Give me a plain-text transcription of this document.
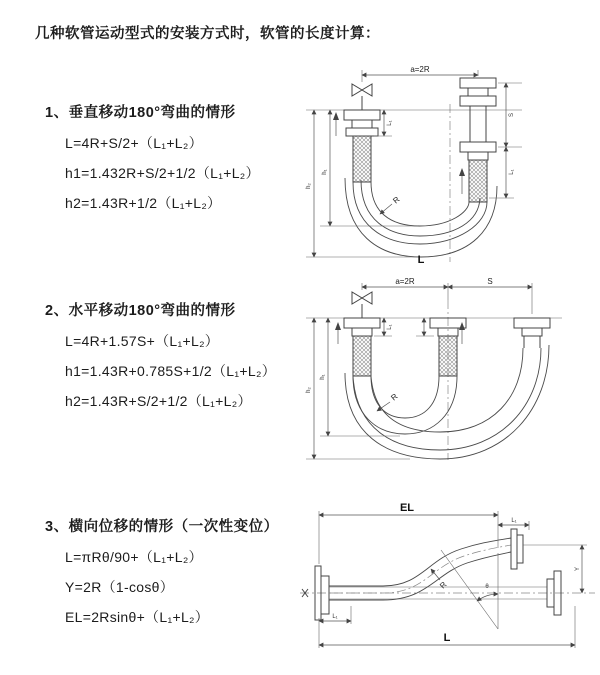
几种软管运动型式的安装方式时，软管的长度计算：
1、垂直移动180°弯曲的情形
L=4R+S/2+（L₁+L₂）
h1=1.432R+S/2+1/2（L₁+L₂）
h2=1.43R+1/2（L₁+L₂）
2、水平移动180°弯曲的情形
L=4R+1.57S+（L₁+L₂）
h1=1.43R+0.785S+1/2（L₁+L₂）
h2=1.43R+S/2+1/2（L₁+L₂）
3、横向位移的情形（一次性变位）
L=πRθ/90+（L₁+L₂）
Y=2R（1-cosθ）
EL=2Rsinθ+（L₁+L₂）
a=2R
h₁
h₂
L₁
S
L₁
R
L
a=2R	S
L₁
h₁
h₂
R
θ
R
EL
L₁
Y
L₁
L
